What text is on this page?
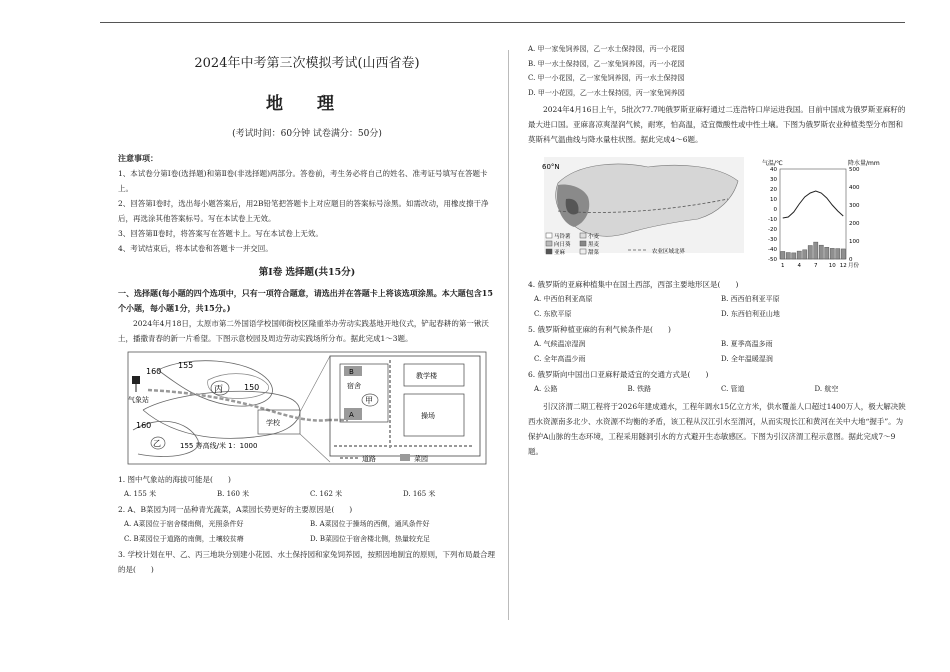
2024年中考第三次模拟考试(山西省卷)
地 理
(考试时间：60分钟 试卷满分：50分)
注意事项：

1、本试卷分第Ⅰ卷(选择题)和第Ⅱ卷(非选择题)两部分。答卷前，考生务必将自己的姓名、准考证号填写在答题卡上。

2、回答第Ⅰ卷时，选出每小题答案后，用2B铅笔把答题卡上对应题目的答案标号涂黑。如需改动，用橡皮擦干净后，再选涂其他答案标号。写在本试卷上无效。

3、回答第Ⅱ卷时，将答案写在答题卡上。写在本试卷上无效。

4、考试结束后，将本试卷和答题卡一并交回。

第Ⅰ卷 选择题(共15分)

一、选择题(每小题的四个选项中，只有一项符合题意，请选出并在答题卡上将该选项涂黑。本大题包含15个小题，每小题1分，共15分。)

2024年4月18日，太原市第二外国语学校国师街校区隆重举办劳动实践基地开地仪式，铲起春耕的第一锹沃土，播撒青春的新一片希望。下图示意校园及周边劳动实践场所分布。据此完成1～3题。

气象站
160
155
150
160
丙
乙
学校
155 等高线/米 1：1000
B
宿舍
甲
A
教学楼
操场
道路	菜园

1. 图中气象站的海拔可能是(　　)

A. 155 米	B. 160 米	C. 162 米	D. 165 米

2. A、B菜园为同一品种青光蔬菜，A菜园长势更好的主要原因是(　　)

A. A菜园位于宿舍楼南侧，光照条件好	B. A菜园位于操场的西侧，通风条件好
C. B菜园位于道路的南侧，土壤较贫瘠	D. B菜园位于宿舍楼北侧，热量较充足

3. 学校计划在甲、乙、丙三地块分别建小花园、水土保持园和家兔饲养园，按照因地制宜的原则，下列布局最合理的是(　　)

A. 甲一家兔饲养园，乙一水土保持园，丙一小花园
B. 甲一水土保持园，乙一家兔饲养园，丙一小花园
C. 甲一小花园，乙一家兔饲养园，丙一水土保持园
D. 甲一小花园，乙一水土保持园，丙一家兔饲养园

2024年4月16日上午，5批次77.7吨俄罗斯亚麻籽通过二连浩特口岸运进我国。目前中国成为俄罗斯亚麻籽的最大进口国。亚麻喜凉爽湿润气候，耐寒，怕高温，适宜微酸性或中性土壤。下图为俄罗斯农业种植类型分布图和莫斯科气温曲线与降水量柱状图。据此完成4～6题。

60°N
马铃薯
向日葵
亚麻
小麦
黑麦
甜菜	农业区域北界
气温/℃	降水量/mm
40
30
20
10
0
-10
-20
-30
-40
-50
500
400
300
200
100
0
1 4 7 10 12 月份

4. 俄罗斯的亚麻种植集中在国土西部，西部主要地形区是(　　)

A. 中西伯利亚高原	B. 西西伯利亚平原
C. 东欧平原	D. 东西伯利亚山地

5. 俄罗斯种植亚麻的有利气候条件是(　　)

A. 气候温凉湿润	B. 夏季高温多雨
C. 全年高温少雨	D. 全年温暖湿润

6. 俄罗斯向中国出口亚麻籽最适宜的交通方式是(　　)

A. 公路	B. 铁路	C. 管道	D. 航空

引汉济渭二期工程将于2026年建成通水，工程年调水15亿立方米，供水覆盖人口超过1400万人，极大解决陕西水资源南多北少、水资源不均衡的矛盾，该工程从汉江引水至渭河，从而实现长江和黄河在关中大地“握手”。为保护A山脉的生态环境，工程采用隧洞引水的方式避开生态敏感区。下图为引汉济渭工程示意图。据此完成7～9题。
